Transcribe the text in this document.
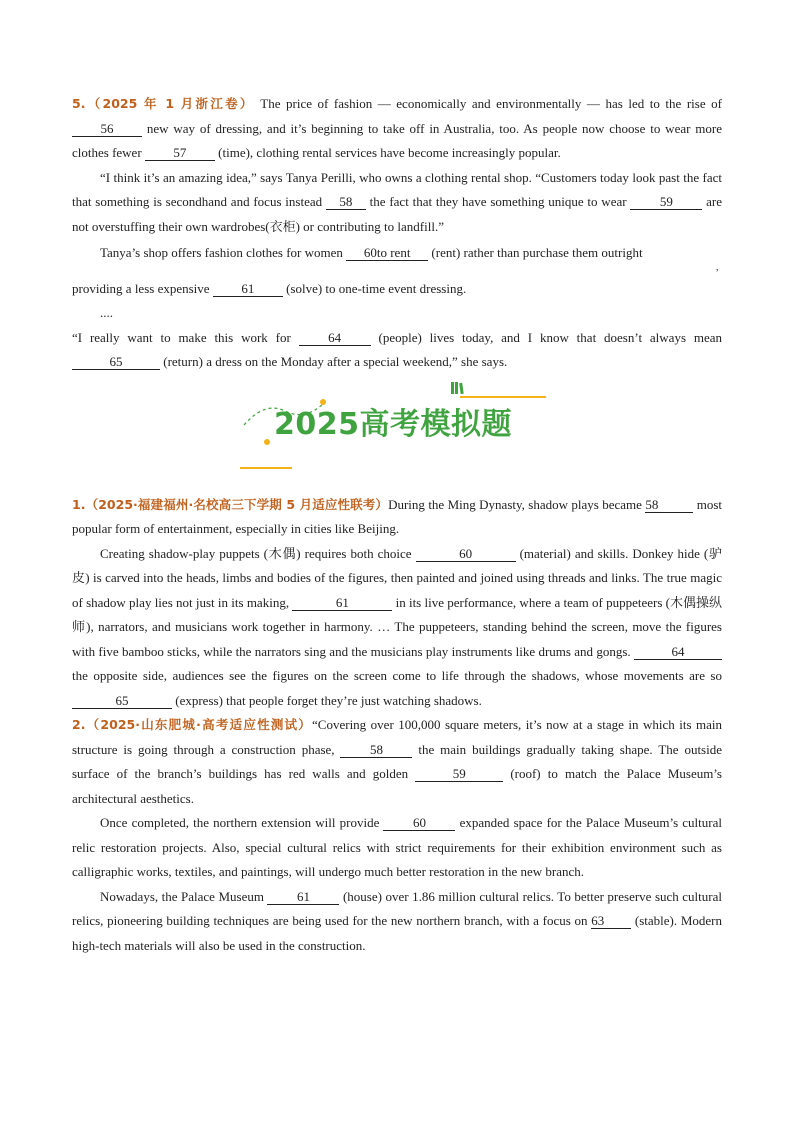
5.（2025 年 1 月浙江卷） The price of fashion — economically and environmentally — has led to the rise of 56 new way of dressing, and it’s beginning to take off in Australia, too. As people now choose to wear more clothes fewer 57 (time), clothing rental services have become increasingly popular.

“I think it’s an amazing idea,” says Tanya Perilli, who owns a clothing rental shop. “Customers today look past the fact that something is secondhand and focus instead 58 the fact that they have something unique to wear 59 are not overstuffing their own wardrobes(衣柜) or contributing to landfill.”

Tanya’s shop offers fashion clothes for women 60to rent (rent) rather than purchase them outright

providing a less expensive 61 (solve) to one-time event dressing.

....

“I really want to make this work for 64 (people) lives today, and I know that doesn’t always mean 65	(return) a dress on the Monday after a special weekend,” she says.

2025高考模拟题

1.（2025·福建福州·名校高三下学期 5 月适应性联考）During the Ming Dynasty, shadow plays became 58	most popular form of entertainment, especially in cities like Beijing.

Creating shadow-play puppets (木偶) requires both choice	60	(material) and skills. Donkey hide (驴皮) is carved into the heads, limbs and bodies of the figures, then painted and joined using threads and links. The true magic of shadow play lies not just in its making,	61	in its live performance, where a team of puppeteers (木偶操纵师), narrators, and musicians work together in harmony. … The puppeteers, standing behind the screen, move the figures with five bamboo sticks, while the narrators sing and the musicians play instruments like drums and gongs.	64the opposite side, audiences see the figures on the screen come to life through the shadows, whose movements are so 65	(express) that people forget they’re just watching shadows.

2.（2025·山东肥城·高考适应性测试）“Covering over 100,000 square meters, it’s now at a stage in which its main structure is going through a construction phase, 58 the main buildings gradually taking shape. The outside surface of the branch’s buildings has red walls and golden	59	(roof) to match the Palace Museum’s architectural aesthetics.

Once completed, the northern extension will provide 60 expanded space for the Palace Museum’s cultural relic restoration projects. Also, special cultural relics with strict requirements for their exhibition environment such as calligraphic works, textiles, and paintings, will undergo much better restoration in the new branch.

Nowadays, the Palace Museum 61 (house) over 1.86 million cultural relics. To better preserve such cultural relics, pioneering building techniques are being used for the new northern branch, with a focus on 63 (stable). Modern high-tech materials will also be used in the construction.

,
